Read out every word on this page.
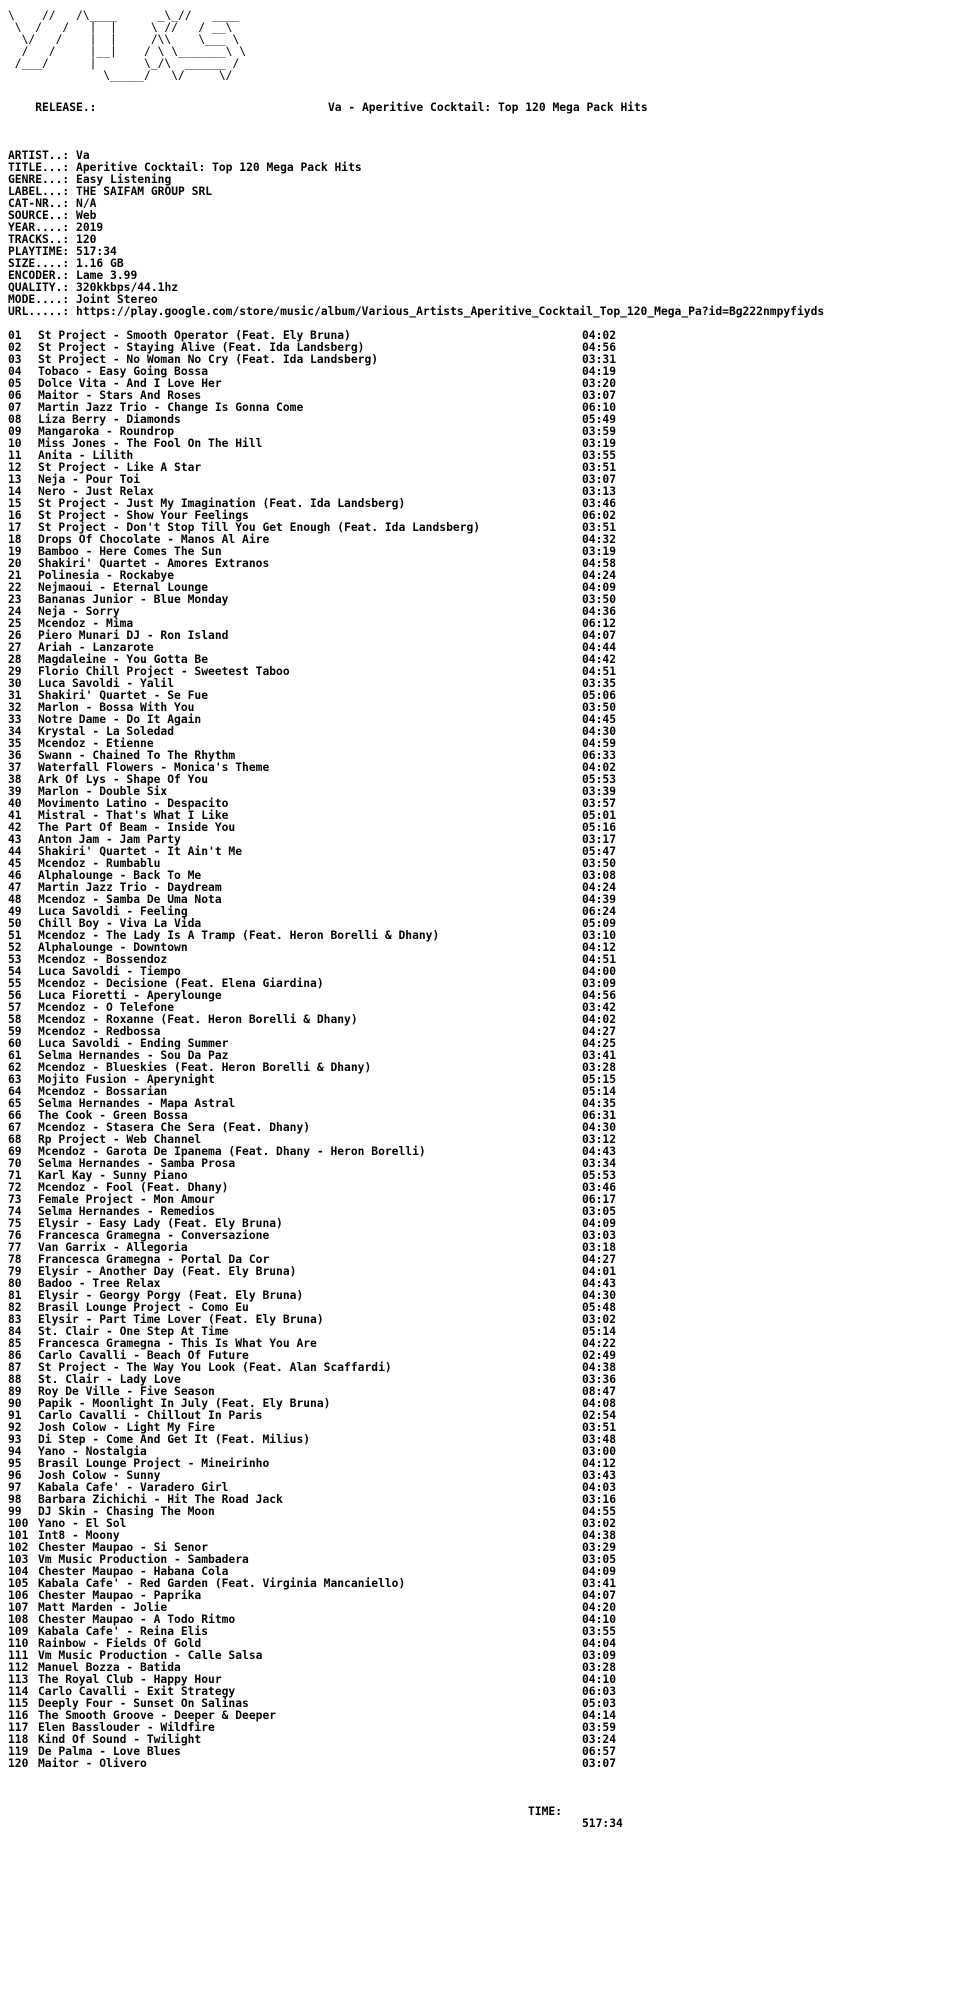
\    //   /\____      _\_//   ____
\  /   /   |  |     \ //   / __\
\/   /    |  |     /\\    \___ \
/   /     |__|    / \ \_______\ \
/___/      |       \_/\  ______ /
\_____/   \/     \/

RELEASE.:	Va - Aperitive Cocktail: Top 120 Mega Pack Hits

ARTIST..: Va
TITLE...: Aperitive Cocktail: Top 120 Mega Pack Hits
GENRE...: Easy Listening
LABEL...: THE SAIFAM GROUP SRL
CAT-NR..: N/A
SOURCE..: Web
YEAR....: 2019
TRACKS..: 120
PLAYTIME: 517:34
SIZE....: 1.16 GB
ENCODER.: Lame 3.99
QUALITY.: 320kkbps/44.1hz
MODE....: Joint Stereo
URL.....: https://play.google.com/store/music/album/Various_Artists_Aperitive_Cocktail_Top_120_Mega_Pa?id=Bg222nmpyfiyds
01 St Project - Smooth Operator (Feat. Ely Bruna)	04:02
02 St Project - Staying Alive (Feat. Ida Landsberg)	04:56
03 St Project - No Woman No Cry (Feat. Ida Landsberg)	03:31
04 Tobaco - Easy Going Bossa	04:19
05 Dolce Vita - And I Love Her	03:20
06 Maitor - Stars And Roses	03:07
07 Martin Jazz Trio - Change Is Gonna Come	06:10
08 Liza Berry - Diamonds	05:49
09 Mangaroka - Roundrop	03:59
10 Miss Jones - The Fool On The Hill	03:19
11 Anita - Lilith	03:55
12 St Project - Like A Star	03:51
13 Neja - Pour Toi	03:07
14 Nero - Just Relax	03:13
15 St Project - Just My Imagination (Feat. Ida Landsberg)	03:46
16 St Project - Show Your Feelings	06:02
17 St Project - Don't Stop Till You Get Enough (Feat. Ida Landsberg)	03:51
18 Drops Of Chocolate - Manos Al Aire	04:32
19 Bamboo - Here Comes The Sun	03:19
20 Shakiri' Quartet - Amores Extranos	04:58
21 Polinesia - Rockabye	04:24
22 Nejmaoui - Eternal Lounge	04:09
23 Bananas Junior - Blue Monday	03:50
24 Neja - Sorry	04:36
25 Mcendoz - Mima	06:12
26 Piero Munari DJ - Ron Island	04:07
27 Ariah - Lanzarote	04:44
28 Magdaleine - You Gotta Be	04:42
29 Florio Chill Project - Sweetest Taboo	04:51
30 Luca Savoldi - Yalil	03:35
31 Shakiri' Quartet - Se Fue	05:06
32 Marlon - Bossa With You	03:50
33 Notre Dame - Do It Again	04:45
34 Krystal - La Soledad	04:30
35 Mcendoz - Etienne	04:59
36 Swann - Chained To The Rhythm	06:33
37 Waterfall Flowers - Monica's Theme	04:02
38 Ark Of Lys - Shape Of You	05:53
39 Marlon - Double Six	03:39
40 Movimento Latino - Despacito	03:57
41 Mistral - That's What I Like	05:01
42 The Part Of Beam - Inside You	05:16
43 Anton Jam - Jam Party	03:17
44 Shakiri' Quartet - It Ain't Me	05:47
45 Mcendoz - Rumbablu	03:50
46 Alphalounge - Back To Me	03:08
47 Martin Jazz Trio - Daydream	04:24
48 Mcendoz - Samba De Uma Nota	04:39
49 Luca Savoldi - Feeling	06:24
50 Chill Boy - Viva La Vida	05:09
51 Mcendoz - The Lady Is A Tramp (Feat. Heron Borelli & Dhany)	03:10
52 Alphalounge - Downtown	04:12
53 Mcendoz - Bossendoz	04:51
54 Luca Savoldi - Tiempo	04:00
55 Mcendoz - Decisione (Feat. Elena Giardina)	03:09
56 Luca Fioretti - Aperylounge	04:56
57 Mcendoz - O Telefone	03:42
58 Mcendoz - Roxanne (Feat. Heron Borelli & Dhany)	04:02
59 Mcendoz - Redbossa	04:27
60 Luca Savoldi - Ending Summer	04:25
61 Selma Hernandes - Sou Da Paz	03:41
62 Mcendoz - Blueskies (Feat. Heron Borelli & Dhany)	03:28
63 Mojito Fusion - Aperynight	05:15
64 Mcendoz - Bossarian	05:14
65 Selma Hernandes - Mapa Astral	04:35
66 The Cook - Green Bossa	06:31
67 Mcendoz - Stasera Che Sera (Feat. Dhany)	04:30
68 Rp Project - Web Channel	03:12
69 Mcendoz - Garota De Ipanema (Feat. Dhany - Heron Borelli)	04:43
70 Selma Hernandes - Samba Prosa	03:34
71 Karl Kay - Sunny Piano	05:53
72 Mcendoz - Fool (Feat. Dhany)	03:46
73 Female Project - Mon Amour	06:17
74 Selma Hernandes - Remedios	03:05
75 Elysir - Easy Lady (Feat. Ely Bruna)	04:09
76 Francesca Gramegna - Conversazione	03:03
77 Van Garrix - Allegoria	03:18
78 Francesca Gramegna - Portal Da Cor	04:27
79 Elysir - Another Day (Feat. Ely Bruna)	04:01
80 Badoo - Tree Relax	04:43
81 Elysir - Georgy Porgy (Feat. Ely Bruna)	04:30
82 Brasil Lounge Project - Como Eu	05:48
83 Elysir - Part Time Lover (Feat. Ely Bruna)	03:02
84 St. Clair - One Step At Time	05:14
85 Francesca Gramegna - This Is What You Are	04:22
86 Carlo Cavalli - Beach Of Future	02:49
87 St Project - The Way You Look (Feat. Alan Scaffardi)	04:38
88 St. Clair - Lady Love	03:36
89 Roy De Ville - Five Season	08:47
90 Papik - Moonlight In July (Feat. Ely Bruna)	04:08
91 Carlo Cavalli - Chillout In Paris	02:54
92 Josh Colow - Light My Fire	03:51
93 Di Step - Come And Get It (Feat. Milius)	03:48
94 Yano - Nostalgia	03:00
95 Brasil Lounge Project - Mineirinho	04:12
96 Josh Colow - Sunny	03:43
97 Kabala Cafe' - Varadero Girl	04:03
98 Barbara Zichichi - Hit The Road Jack	03:16
99 DJ Skin - Chasing The Moon	04:55
100 Yano - El Sol	03:02
101 Int8 - Moony	04:38
102 Chester Maupao - Si Senor	03:29
103 Vm Music Production - Sambadera	03:05
104 Chester Maupao - Habana Cola	04:09
105 Kabala Cafe' - Red Garden (Feat. Virginia Mancaniello)	03:41
106 Chester Maupao - Paprika	04:07
107 Matt Marden - Jolie	04:20
108 Chester Maupao - A Todo Ritmo	04:10
109 Kabala Cafe' - Reina Elis	03:55
110 Rainbow - Fields Of Gold	04:04
111 Vm Music Production - Calle Salsa	03:09
112 Manuel Bozza - Batida	03:28
113 The Royal Club - Happy Hour	04:10
114 Carlo Cavalli - Exit Strategy	06:03
115 Deeply Four - Sunset On Salinas	05:03
116 The Smooth Groove - Deeper & Deeper	04:14
117 Elen Basslouder - Wildfire	03:59
118 Kind Of Sound - Twilight	03:24
119 De Palma - Love Blues	06:57
120 Maitor - Olivero	03:07

TIME:

517:34
